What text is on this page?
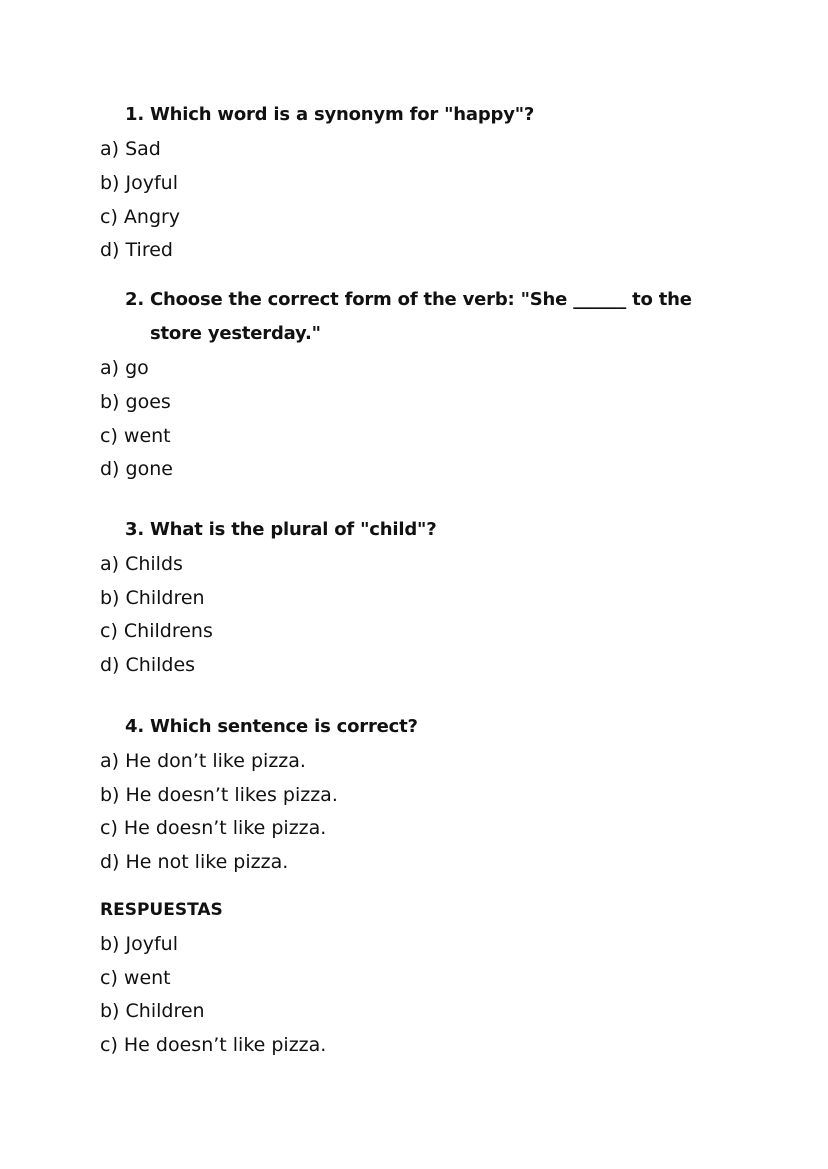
1. Which word is a synonym for "happy"?
a) Sad
b) Joyful
c) Angry
d) Tired
2. Choose the correct form of the verb: "She ______ to the
store yesterday."
a) go
b) goes
c) went
d) gone
3. What is the plural of "child"?
a) Childs
b) Children
c) Childrens
d) Childes
4. Which sentence is correct?
a) He don’t like pizza.
b) He doesn’t likes pizza.
c) He doesn’t like pizza.
d) He not like pizza.
RESPUESTAS
b) Joyful
c) went
b) Children
c) He doesn’t like pizza.
